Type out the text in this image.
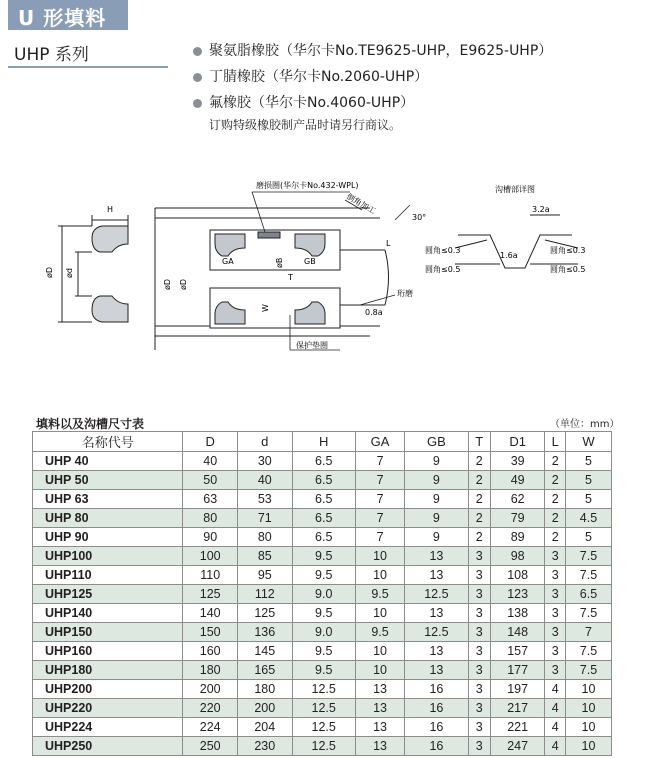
U 形填料
UHP 系列	聚氨脂橡胶（华尔卡No.TE9625-UHP，E9625-UHP）
丁腈橡胶（华尔卡No.2060-UHP）
氟橡胶（华尔卡No.4060-UHP）
订购特级橡胶制产品时请另行商议。
H
øD ød
GA	GB
T
W
øB
øD øD
L
磨损圈(华尔卡No.432-WPL)
倒角加工
30°
珩磨
0.8a
保护垫圈
沟槽部详图
3.2a
1.6a
圆角≤0.3
圆角≤0.5
圆角≤0.3
圆角≤0.5
填料以及沟槽尺寸表	（单位：mm）
名称代号	D	d	H	GA	GB	T	D1	L	W
UHP 40	40	30	6.5	7	9	2	39	2	5
UHP 50	50	40	6.5	7	9	2	49	2	5
UHP 63	63	53	6.5	7	9	2	62	2	5
UHP 80	80	71	6.5	7	9	2	79	2	4.5
UHP 90	90	80	6.5	7	9	2	89	2	5
UHP100	100	85	9.5	10	13	3	98	3	7.5
UHP110	110	95	9.5	10	13	3	108	3	7.5
UHP125	125	112	9.0	9.5	12.5	3	123	3	6.5
UHP140	140	125	9.5	10	13	3	138	3	7.5
UHP150	150	136	9.0	9.5	12.5	3	148	3	7
UHP160	160	145	9.5	10	13	3	157	3	7.5
UHP180	180	165	9.5	10	13	3	177	3	7.5
UHP200	200	180	12.5	13	16	3	197	4	10
UHP220	220	200	12.5	13	16	3	217	4	10
UHP224	224	204	12.5	13	16	3	221	4	10
UHP250	250	230	12.5	13	16	3	247	4	10
